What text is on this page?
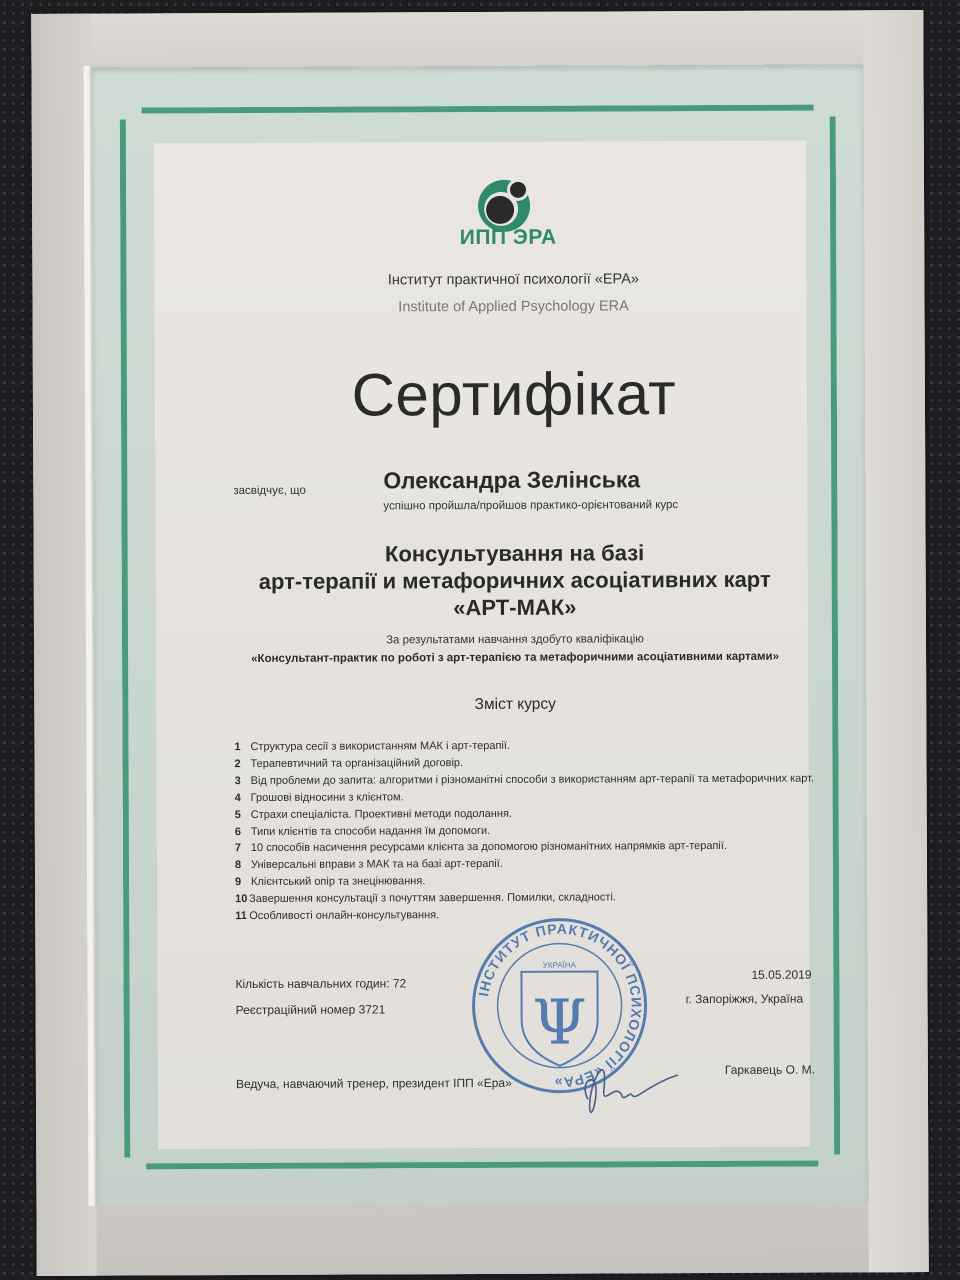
ИПП ЭРА
Інститут практичної психології «ЕРА»
Institute of Applied Psychology ERA
Сертифікат
засвідчує, що	Олександра Зелінська
успішно пройшла/пройшов практико-орієнтований курс
Консультування на базі
арт-терапії и метафоричних асоціативних карт
«АРТ-МАК»
За результатами навчання здобуто кваліфікацію
«Консультант-практик по роботі з арт-терапією та метафоричними асоціативними картами»
Зміст курсу
1 Структура сесії з використанням МАК і арт-терапії.
2 Терапевтичний та організаційний договір.
3 Від проблеми до запита: алгоритми і різноманітні способи з використанням арт-терапії та метафоричних карт.
4 Грошові відносини з клієнтом.
5 Страхи спеціаліста. Проективні методи подолання.
6 Типи клієнтів та способи надання їм допомоги.
7 10 способів насичення ресурсами клієнта за допомогою різноманітних напрямків арт-терапії.
8 Універсальні вправи з МАК та на базі арт-терапії.
9 Клієнтський опір та знецінювання.
10 Завершення консультації з почуттям завершення. Помилки, складності.
11 Особливості онлайн-консультування.
Кількість навчальних годин: 72
Реєстраційний номер 3721
15.05.2019
г. Запоріжжя, Україна
Ведуча, навчаючий тренер, президент ІПП «Ера»
Гаркавець О. М.
ІНСТИТУТ ПРАКТИЧНОЇ ПСИХОЛОГІЇ «ЕРА»
УКРАЇНА
Ψ
